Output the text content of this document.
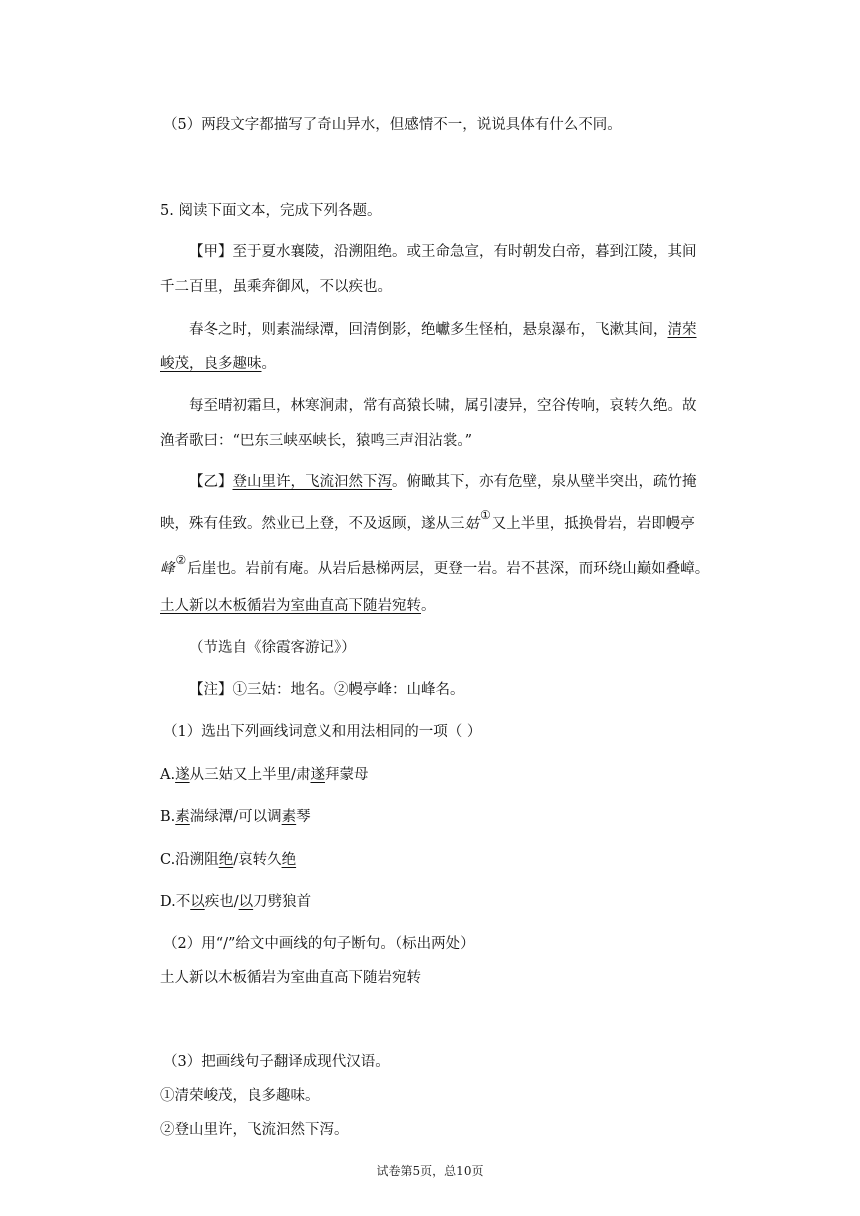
（5）两段文字都描写了奇山异水，但感情不一，说说具体有什么不同。
5. 阅读下面文本，完成下列各题。
【甲】至于夏水襄陵，沿溯阻绝。或王命急宣，有时朝发白帝，暮到江陵，其间
千二百里，虽乘奔御风，不以疾也。
春冬之时，则素湍绿潭，回清倒影，绝巘多生怪柏，悬泉瀑布，飞漱其间，清荣
峻茂，良多趣味。
每至晴初霜旦，林寒涧肃，常有高猿长啸，属引凄异，空谷传响，哀转久绝。故
渔者歌曰：“巴东三峡巫峡长，猿鸣三声泪沾裳。”
【乙】登山里许，飞流汩然下泻。俯瞰其下，亦有危壁，泉从壁半突出，疏竹掩
映，殊有佳致。然业已上登，不及返顾，遂从三姑①又上半里，抵换骨岩，岩即幔亭
峰②后崖也。岩前有庵。从岩后悬梯两层，更登一岩。岩不甚深，而环绕山巅如叠嶂。
土人新以木板循岩为室曲直高下随岩宛转。
（节选自《徐霞客游记》）
【注】①三姑：地名。②幔亭峰：山峰名。
（1）选出下列画线词意义和用法相同的一项（ ）
A.遂从三姑又上半里/肃遂拜蒙母
B.素湍绿潭/可以调素琴
C.沿溯阻绝/哀转久绝
D.不以疾也/以刀劈狼首
（2）用“/”给文中画线的句子断句。（标出两处）
土人新以木板循岩为室曲直高下随岩宛转
（3）把画线句子翻译成现代汉语。
①清荣峻茂，良多趣味。
②登山里许，飞流汩然下泻。
试卷第5页，总10页
